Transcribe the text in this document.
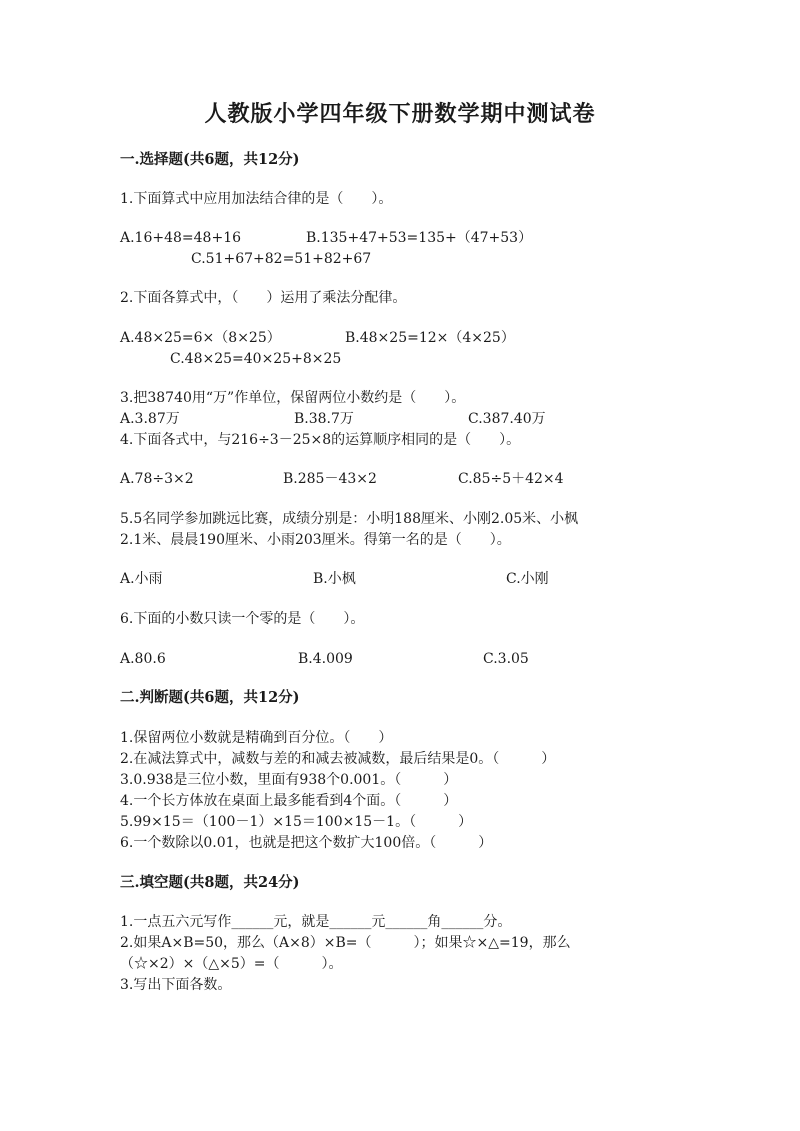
人教版小学四年级下册数学期中测试卷
一.选择题(共6题，共12分)
1.下面算式中应用加法结合律的是（　　）。
A.16+48=48+16	B.135+47+53=135+（47+53）
C.51+67+82=51+82+67
2.下面各算式中，（　　）运用了乘法分配律。
A.48×25=6×（8×25）	B.48×25=12×（4×25）
C.48×25=40×25+8×25
3.把38740用“万”作单位，保留两位小数约是（　　）。
A.3.87万	B.38.7万	C.387.40万
4.下面各式中，与216÷3－25×8的运算顺序相同的是（　　）。
A.78÷3×2	B.285－43×2	C.85÷5＋42×4
5.5名同学参加跳远比赛，成绩分别是：小明188厘米、小刚2.05米、小枫
2.1米、晨晨190厘米、小雨203厘米。得第一名的是（　　）。
A.小雨	B.小枫	C.小刚
6.下面的小数只读一个零的是（　　）。
A.80.6	B.4.009	C.3.05
二.判断题(共6题，共12分)
1.保留两位小数就是精确到百分位。（　　）
2.在减法算式中，减数与差的和减去被减数，最后结果是0。（　　　）
3.0.938是三位小数，里面有938个0.001。（　　　）
4.一个长方体放在桌面上最多能看到4个面。（　　　）
5.99×15＝（100－1）×15＝100×15－1。（　　　）
6.一个数除以0.01，也就是把这个数扩大100倍。（　　　）
三.填空题(共8题，共24分)
1.一点五六元写作______元，就是______元______角______分。
2.如果A×B=50，那么（A×8）×B=（　　　）；如果☆×△=19，那么
（☆×2）×（△×5）=（　　　）。
3.写出下面各数。
